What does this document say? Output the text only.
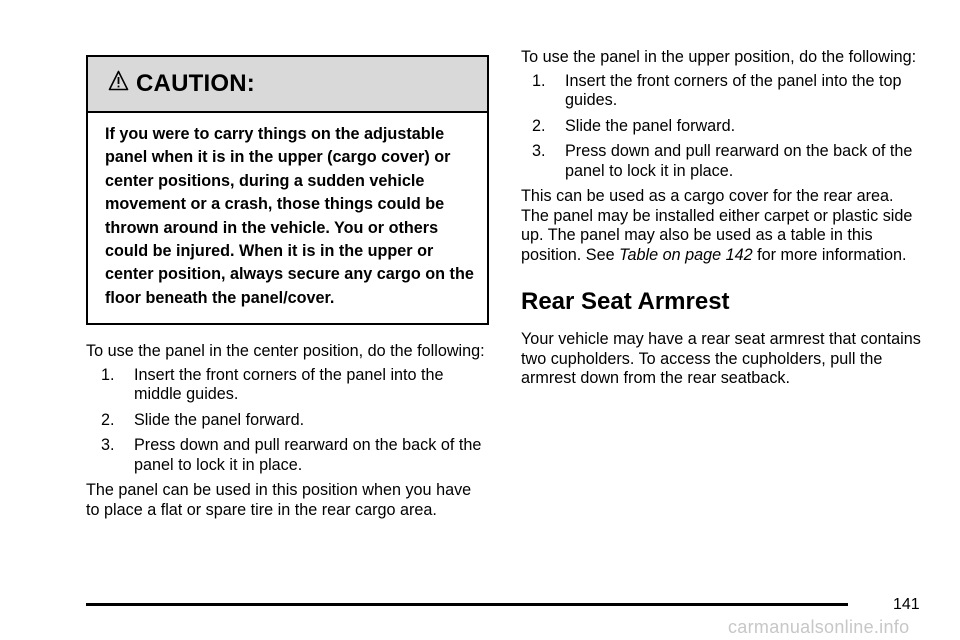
CAUTION:
If you were to carry things on the adjustable panel when it is in the upper (cargo cover) or center positions, during a sudden vehicle movement or a crash, those things could be thrown around in the vehicle. You or others could be injured. When it is in the upper or center position, always secure any cargo on the floor beneath the panel/cover.

To use the panel in the center position, do the following:

1. Insert the front corners of the panel into the middle guides.
2. Slide the panel forward.
3. Press down and pull rearward on the back of the panel to lock it in place.

The panel can be used in this position when you have to place a flat or spare tire in the rear cargo area.

To use the panel in the upper position, do the following:

1. Insert the front corners of the panel into the top guides.
2. Slide the panel forward.
3. Press down and pull rearward on the back of the panel to lock it in place.

This can be used as a cargo cover for the rear area. The panel may be installed either carpet or plastic side up. The panel may also be used as a table in this position. See Table on page 142 for more information.

Rear Seat Armrest

Your vehicle may have a rear seat armrest that contains two cupholders. To access the cupholders, pull the armrest down from the rear seatback.

141
carmanualsonline.info
